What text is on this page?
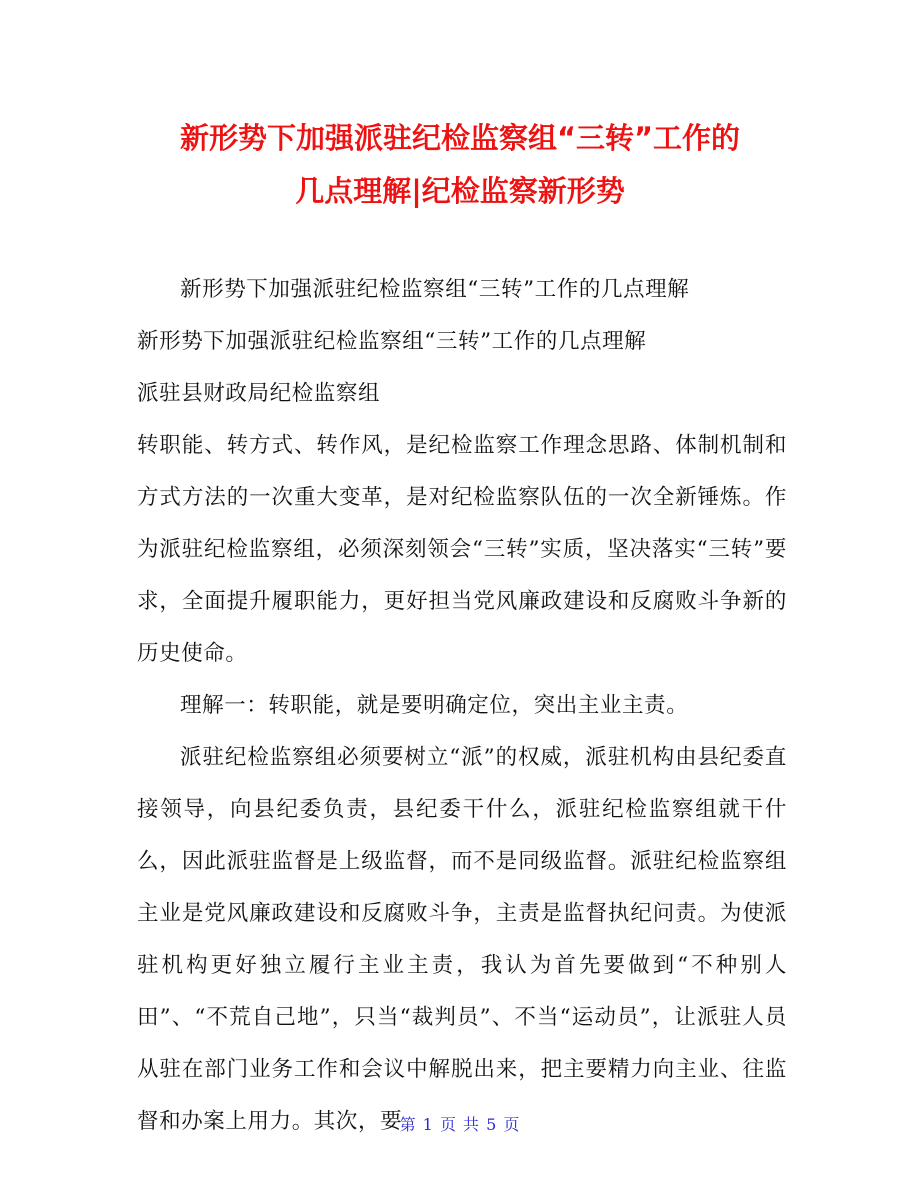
新形势下加强派驻纪检监察组“三转”工作的
几点理解|纪检监察新形势

新形势下加强派驻纪检监察组“三转”工作的几点理解

新形势下加强派驻纪检监察组“三转”工作的几点理解

派驻县财政局纪检监察组

转职能、转方式、转作风，是纪检监察工作理念思路、体制机制和方式方法的一次重大变革，是对纪检监察队伍的一次全新锤炼。作为派驻纪检监察组，必须深刻领会“三转”实质，坚决落实“三转”要求，全面提升履职能力，更好担当党风廉政建设和反腐败斗争新的历史使命。

理解一：转职能，就是要明确定位，突出主业主责。

派驻纪检监察组必须要树立“派”的权威，派驻机构由县纪委直接领导，向县纪委负责，县纪委干什么，派驻纪检监察组就干什么，因此派驻监督是上级监督，而不是同级监督。派驻纪检监察组主业是党风廉政建设和反腐败斗争，主责是监督执纪问责。为使派驻机构更好独立履行主业主责，我认为首先要做到“不种别人田”、“不荒自己地”，只当“裁判员”、不当“运动员”，让派驻人员从驻在部门业务工作和会议中解脱出来，把主要精力向主业、往监督和办案上用力。其次，要

第 1 页 共 5 页
